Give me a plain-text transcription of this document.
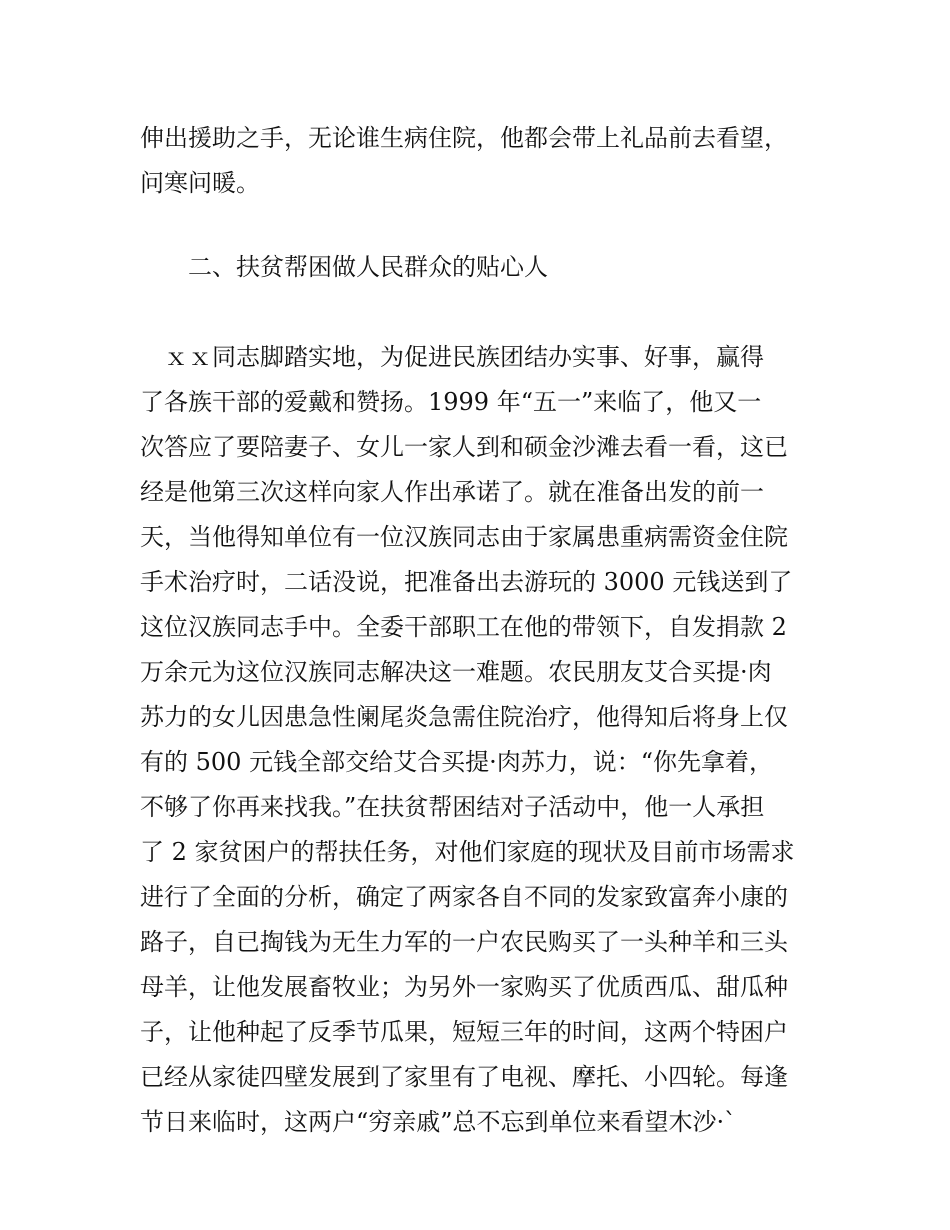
伸出援助之手，无论谁生病住院，他都会带上礼品前去看望，
问寒问暖。
　　二、扶贫帮困做人民群众的贴心人
　ｘｘ同志脚踏实地，为促进民族团结办实事、好事，赢得
了各族干部的爱戴和赞扬。1999 年“五一”来临了，他又一
次答应了要陪妻子、女儿一家人到和硕金沙滩去看一看，这已
经是他第三次这样向家人作出承诺了。就在准备出发的前一
天，当他得知单位有一位汉族同志由于家属患重病需资金住院
手术治疗时，二话没说，把准备出去游玩的 3000 元钱送到了
这位汉族同志手中。全委干部职工在他的带领下，自发捐款 2
万余元为这位汉族同志解决这一难题。农民朋友艾合买提·肉
苏力的女儿因患急性阑尾炎急需住院治疗，他得知后将身上仅
有的 500 元钱全部交给艾合买提·肉苏力，说：“你先拿着，
不够了你再来找我。”在扶贫帮困结对子活动中，他一人承担
了 2 家贫困户的帮扶任务，对他们家庭的现状及目前市场需求
进行了全面的分析，确定了两家各自不同的发家致富奔小康的
路子，自已掏钱为无生力军的一户农民购买了一头种羊和三头
母羊，让他发展畜牧业；为另外一家购买了优质西瓜、甜瓜种
子，让他种起了反季节瓜果，短短三年的时间，这两个特困户
已经从家徒四壁发展到了家里有了电视、摩托、小四轮。每逢
节日来临时，这两户“穷亲戚”总不忘到单位来看望木沙·`
